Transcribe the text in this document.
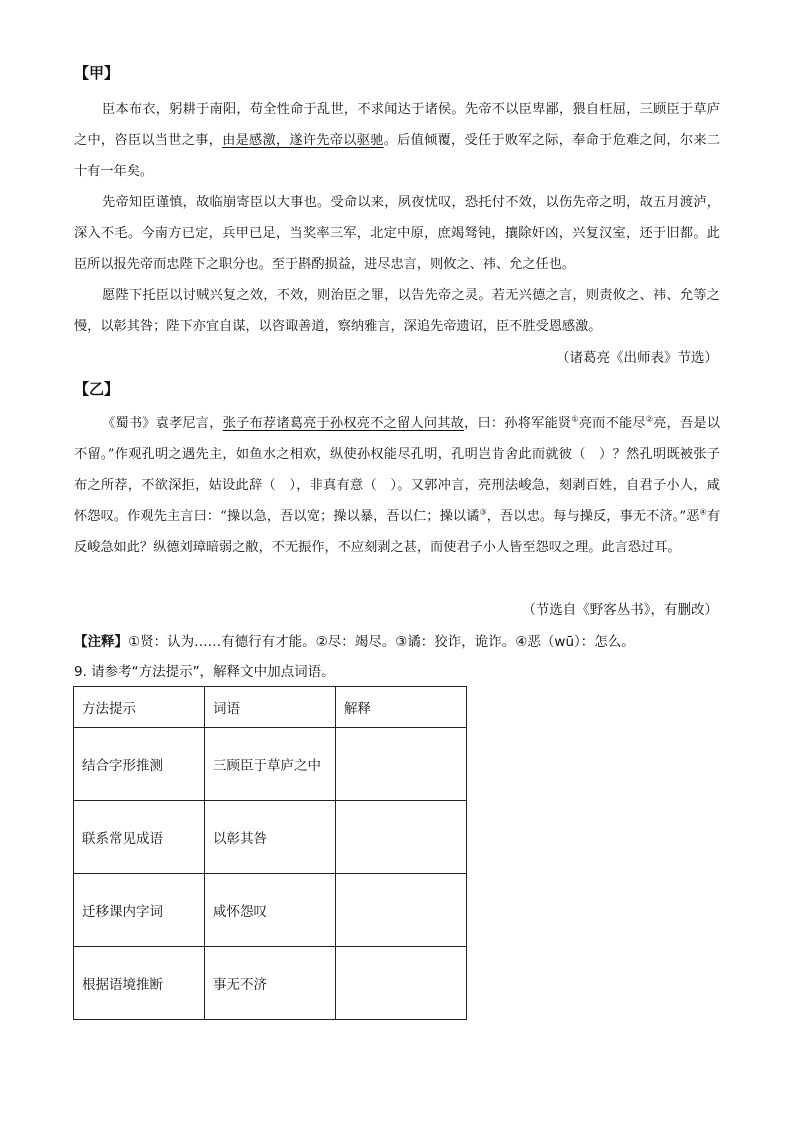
【甲】

臣本布衣，躬耕于南阳，苟全性命于乱世，不求闻达于诸侯。先帝不以臣卑鄙，猥自枉屈，三顾臣于草庐之中，咨臣以当世之事，由是感激，遂许先帝以驱驰。后值倾覆，受任于败军之际，奉命于危难之间，尔来二十有一年矣。

先帝知臣谨慎，故临崩寄臣以大事也。受命以来，夙夜忧叹，恐托付不效，以伤先帝之明，故五月渡泸，深入不毛。今南方已定，兵甲已足，当奖率三军，北定中原，庶竭驽钝，攘除奸凶，兴复汉室，还于旧都。此臣所以报先帝而忠陛下之职分也。至于斟酌损益，进尽忠言，则攸之、祎、允之任也。

愿陛下托臣以讨贼兴复之效，不效，则治臣之罪，以告先帝之灵。若无兴德之言，则责攸之、祎、允等之慢，以彰其咎；陛下亦宜自谋，以咨诹善道，察纳雅言，深追先帝遗诏，臣不胜受恩感激。

（诸葛亮《出师表》节选）
【乙】

《蜀书》袁孝尼言，张子布荐诸葛亮于孙权亮不之留人问其故，曰：孙将军能贤①亮而不能尽②亮，吾是以不留。”作观孔明之遇先主，如鱼水之相欢，纵使孙权能尽孔明，孔明岂肯舍此而就彼（　）？然孔明既被张子布之所荐，不欲深拒，姑设此辞（　），非真有意（　）。又郭冲言，亮刑法峻急，刻剥百姓，自君子小人，咸怀怨叹。作观先主言曰：“操以急，吾以宽；操以暴，吾以仁；操以谲③，吾以忠。每与操反，事无不济。”恶④有反峻急如此？纵德刘璋暗弱之敝，不无振作，不应刻剥之甚，而使君子小人皆至怨叹之理。此言恐过耳。

（节选自《野客丛书》，有删改）
【注释】①贤：认为……有德行有才能。②尽：竭尽。③谲：狡诈，诡诈。④恶（wū）：怎么。
9. 请参考“方法提示”，解释文中加点词语。
方法提示	词语	解释
结合字形推测	三顾臣于草庐之中	
联系常见成语	以彰其咎	
迁移课内字词	咸怀怨叹	
根据语境推断	事无不济	
